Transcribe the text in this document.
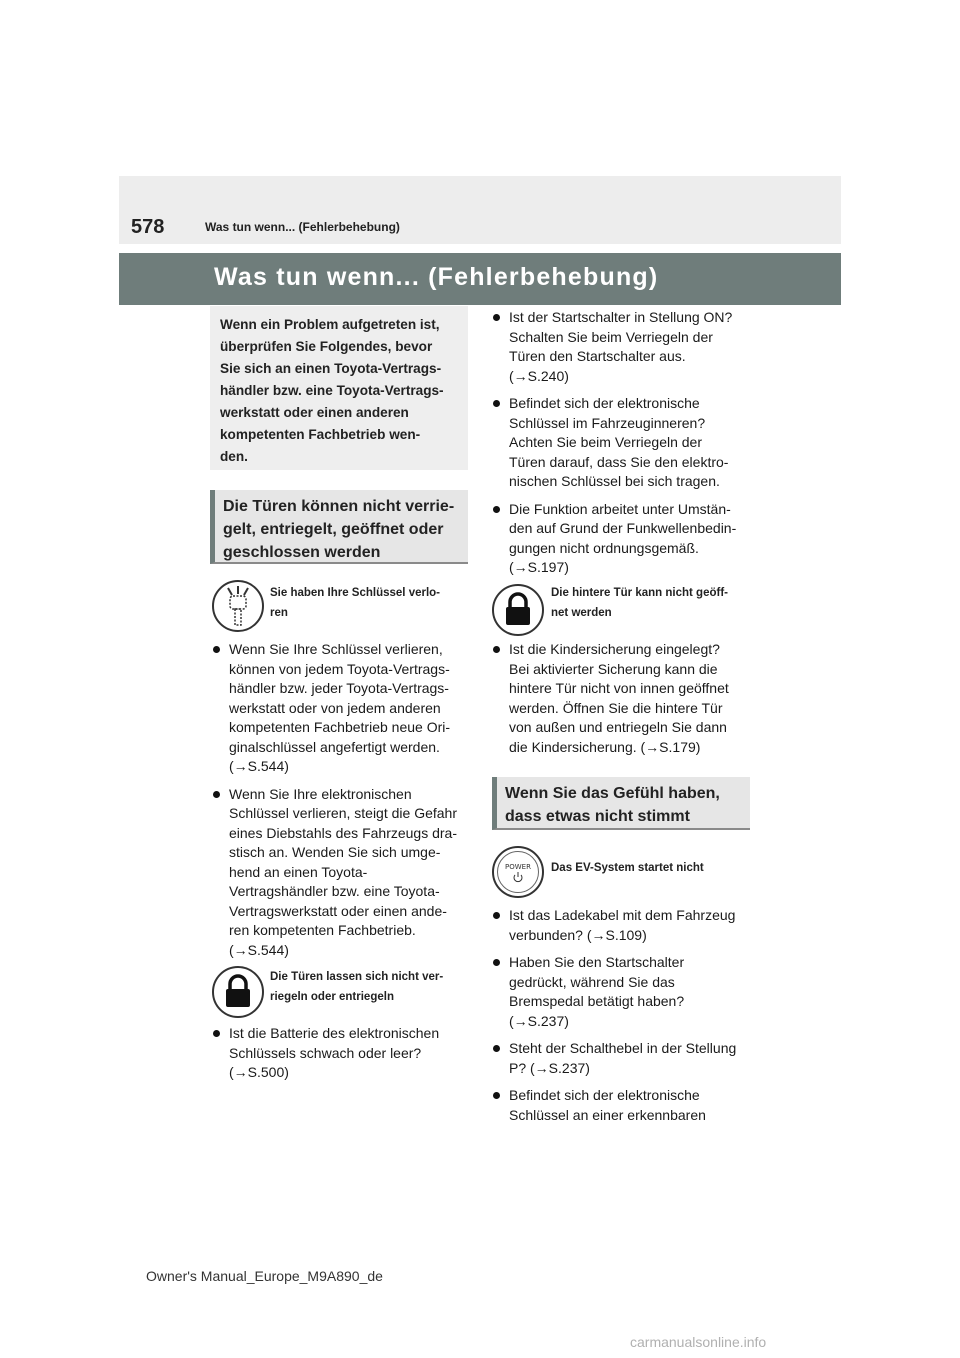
578	Was tun wenn... (Fehlerbehebung)
Was tun wenn... (Fehlerbehebung)

Wenn ein Problem aufgetreten ist,
überprüfen Sie Folgendes, bevor
Sie sich an einen Toyota-Vertrags-
händler bzw. eine Toyota-Vertrags-
werkstatt oder einen anderen
kompetenten Fachbetrieb wen-
den.

Die Türen können nicht verrie-
gelt, entriegelt, geöffnet oder
geschlossen werden
Sie haben Ihre Schlüssel verlo-
ren
Wenn Sie Ihre Schlüssel verlieren,
können von jedem Toyota-Vertrags-
händler bzw. jeder Toyota-Vertrags-
werkstatt oder von jedem anderen
kompetenten Fachbetrieb neue Ori-
ginalschlüssel angefertigt werden.
(→S.544)
Wenn Sie Ihre elektronischen
Schlüssel verlieren, steigt die Gefahr
eines Diebstahls des Fahrzeugs dra-
stisch an. Wenden Sie sich umge-
hend an einen Toyota-
Vertragshändler bzw. eine Toyota-
Vertragswerkstatt oder einen ande-
ren kompetenten Fachbetrieb.
(→S.544)
Die Türen lassen sich nicht ver-
riegeln oder entriegeln
Ist die Batterie des elektronischen
Schlüssels schwach oder leer?
(→S.500)
Ist der Startschalter in Stellung ON?
Schalten Sie beim Verriegeln der
Türen den Startschalter aus.
(→S.240)
Befindet sich der elektronische
Schlüssel im Fahrzeuginneren?
Achten Sie beim Verriegeln der
Türen darauf, dass Sie den elektro-
nischen Schlüssel bei sich tragen.
Die Funktion arbeitet unter Umstän-
den auf Grund der Funkwellenbedin-
gungen nicht ordnungsgemäß.
(→S.197)
Die hintere Tür kann nicht geöff-
net werden
Ist die Kindersicherung eingelegt?
Bei aktivierter Sicherung kann die
hintere Tür nicht von innen geöffnet
werden. Öffnen Sie die hintere Tür
von außen und entriegeln Sie dann
die Kindersicherung. (→S.179)
Wenn Sie das Gefühl haben,
dass etwas nicht stimmt
POWER	Das EV-System startet nicht
Ist das Ladekabel mit dem Fahrzeug
verbunden? (→S.109)
Haben Sie den Startschalter
gedrückt, während Sie das
Bremspedal betätigt haben?
(→S.237)
Steht der Schalthebel in der Stellung
P? (→S.237)
Befindet sich der elektronische
Schlüssel an einer erkennbaren
Owner's Manual_Europe_M9A890_de
carmanualsonline.info
